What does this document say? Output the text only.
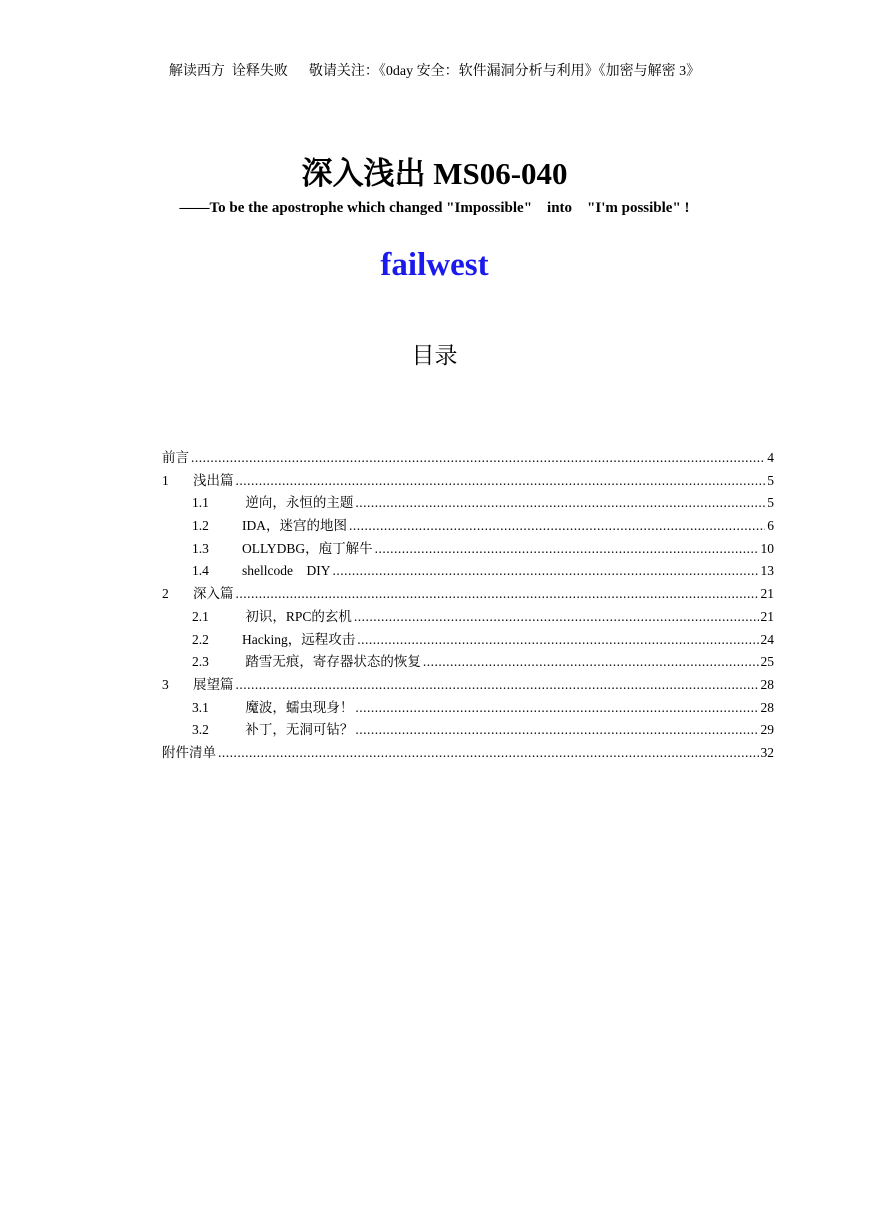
解读西方  诠释失败      敬请关注：《0day 安全：软件漏洞分析与利用》《加密与解密 3》
深入浅出 MS06-040
——To be the apostrophe which changed "Impossible"    into    "I'm possible" !
failwest
目录
前言 .....	4
1	浅出篇 .....	5
1.1	逆向，永恒的主题 .....	5
1.2	IDA，迷宫的地图 .....	6
1.3	OLLYDBG，庖丁解牛 .....	10
1.4	shellcode    DIY .....	13
2	深入篇 .....	21
2.1	初识，RPC的玄机 .....	21
2.2	Hacking，远程攻击 .....	24
2.3	踏雪无痕，寄存器状态的恢复 .....	25
3	展望篇 .....	28
3.1	魔波，蠕虫现身！ .....	28
3.2	补丁，无洞可钻？ .....	29
附件清单 .....	32
